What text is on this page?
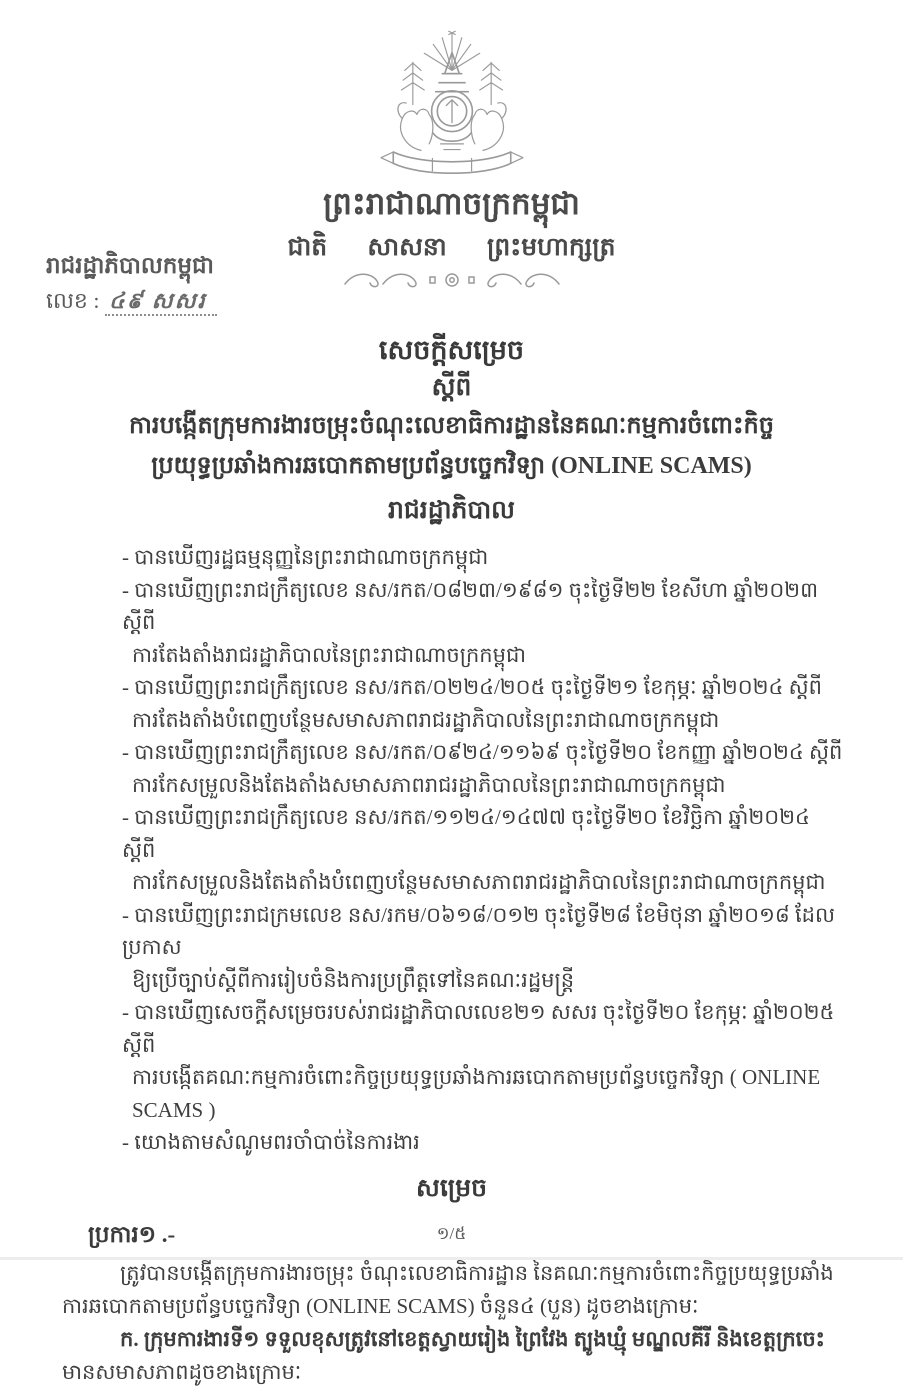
ព្រះរាជាណាចក្រកម្ពុជា
ជាតិ សាសនា ព្រះមហាក្សត្រ
រាជរដ្ឋាភិបាលកម្ពុជា
លេខ : ៤៩ សសរ
សេចក្តីសម្រេច
ស្តីពី
ការបង្កើតក្រុមការងារចម្រុះចំណុះលេខាធិការដ្ឋាននៃគណៈកម្មការចំពោះកិច្ច
ប្រយុទ្ធប្រឆាំងការឆបោកតាមប្រព័ន្ធបច្ចេកវិទ្យា (ONLINE SCAMS)
រាជរដ្ឋាភិបាល
- បានឃើញរដ្ឋធម្មនុញ្ញនៃព្រះរាជាណាចក្រកម្ពុជា
- បានឃើញព្រះរាជក្រឹត្យលេខ នស/រកត/០៨២៣/១៩៨១ ចុះថ្ងៃទី២២ ខែសីហា ឆ្នាំ២០២៣ ស្តីពី
ការតែងតាំងរាជរដ្ឋាភិបាលនៃព្រះរាជាណាចក្រកម្ពុជា
- បានឃើញព្រះរាជក្រឹត្យលេខ នស/រកត/០២២៤/២០៥ ចុះថ្ងៃទី២១ ខែកុម្ភៈ ឆ្នាំ២០២៤ ស្តីពី
ការតែងតាំងបំពេញបន្ថែមសមាសភាពរាជរដ្ឋាភិបាលនៃព្រះរាជាណាចក្រកម្ពុជា
- បានឃើញព្រះរាជក្រឹត្យលេខ នស/រកត/០៩២៤/១១៦៩ ចុះថ្ងៃទី២០ ខែកញ្ញា ឆ្នាំ២០២៤ ស្តីពី
ការកែសម្រួលនិងតែងតាំងសមាសភាពរាជរដ្ឋាភិបាលនៃព្រះរាជាណាចក្រកម្ពុជា
- បានឃើញព្រះរាជក្រឹត្យលេខ នស/រកត/១១២៤/១៤៧៧ ចុះថ្ងៃទី២០ ខែវិច្ឆិកា ឆ្នាំ២០២៤ ស្តីពី
ការកែសម្រួលនិងតែងតាំងបំពេញបន្ថែមសមាសភាពរាជរដ្ឋាភិបាលនៃព្រះរាជាណាចក្រកម្ពុជា
- បានឃើញព្រះរាជក្រមលេខ នស/រកម/០៦១៨/០១២ ចុះថ្ងៃទី២៨ ខែមិថុនា ឆ្នាំ២០១៨ ដែលប្រកាស
ឱ្យប្រើច្បាប់ស្តីពីការរៀបចំនិងការប្រព្រឹត្តទៅនៃគណៈរដ្ឋមន្ត្រី
- បានឃើញសេចក្តីសម្រេចរបស់រាជរដ្ឋាភិបាលលេខ២១ សសរ ចុះថ្ងៃទី២០ ខែកុម្ភៈ ឆ្នាំ២០២៥ ស្តីពី
ការបង្កើតគណៈកម្មការចំពោះកិច្ចប្រយុទ្ធប្រឆាំងការឆបោកតាមប្រព័ន្ធបច្ចេកវិទ្យា ( ONLINE SCAMS )
- យោងតាមសំណូមពរចាំបាច់នៃការងារ
សម្រេច
ប្រការ១ .-
ត្រូវបានបង្កើតក្រុមការងារចម្រុះ ចំណុះលេខាធិការដ្ឋាន នៃគណៈកម្មការចំពោះកិច្ចប្រយុទ្ធប្រឆាំង
ការឆបោកតាមប្រព័ន្ធបច្ចេកវិទ្យា (ONLINE SCAMS) ចំនួន៤ (បួន) ដូចខាងក្រោមៈ
ក. ក្រុមការងារទី១ ទទួលខុសត្រូវនៅខេត្តស្វាយរៀង ព្រៃវែង ត្បូងឃ្មុំ មណ្ឌលគីរី និងខេត្តក្រចេះ
មានសមាសភាពដូចខាងក្រោមៈ
១/៥
